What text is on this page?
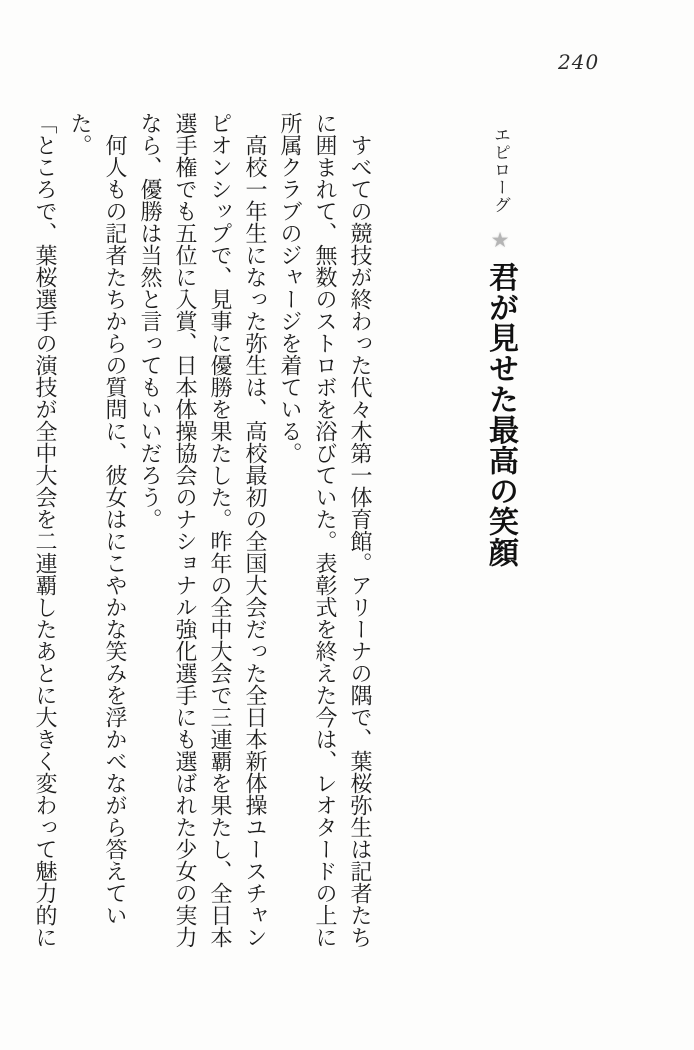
240
エピローグ★君が見せた最高の笑顔

　すべての競技が終わった代々木第一体育館。アリーナの隅で、葉桜弥生は記者たちに囲まれて、無数のストロボを浴びていた。表彰式を終えた今は、レオタードの上に所属クラブのジャージを着ている。

　高校一年生になった弥生は、高校最初の全国大会だった全日本新体操ユースチャンピオンシップで、見事に優勝を果たした。昨年の全中大会で三連覇を果たし、全日本選手権でも五位に入賞、日本体操協会のナショナル強化選手にも選ばれた少女の実力なら、優勝は当然と言ってもいいだろう。

　何人もの記者たちからの質問に、彼女はにこやかな笑みを浮かべながら答えていた。

「ところで、葉桜選手の演技が全中大会を二連覇したあとに大きく変わって魅力的に
